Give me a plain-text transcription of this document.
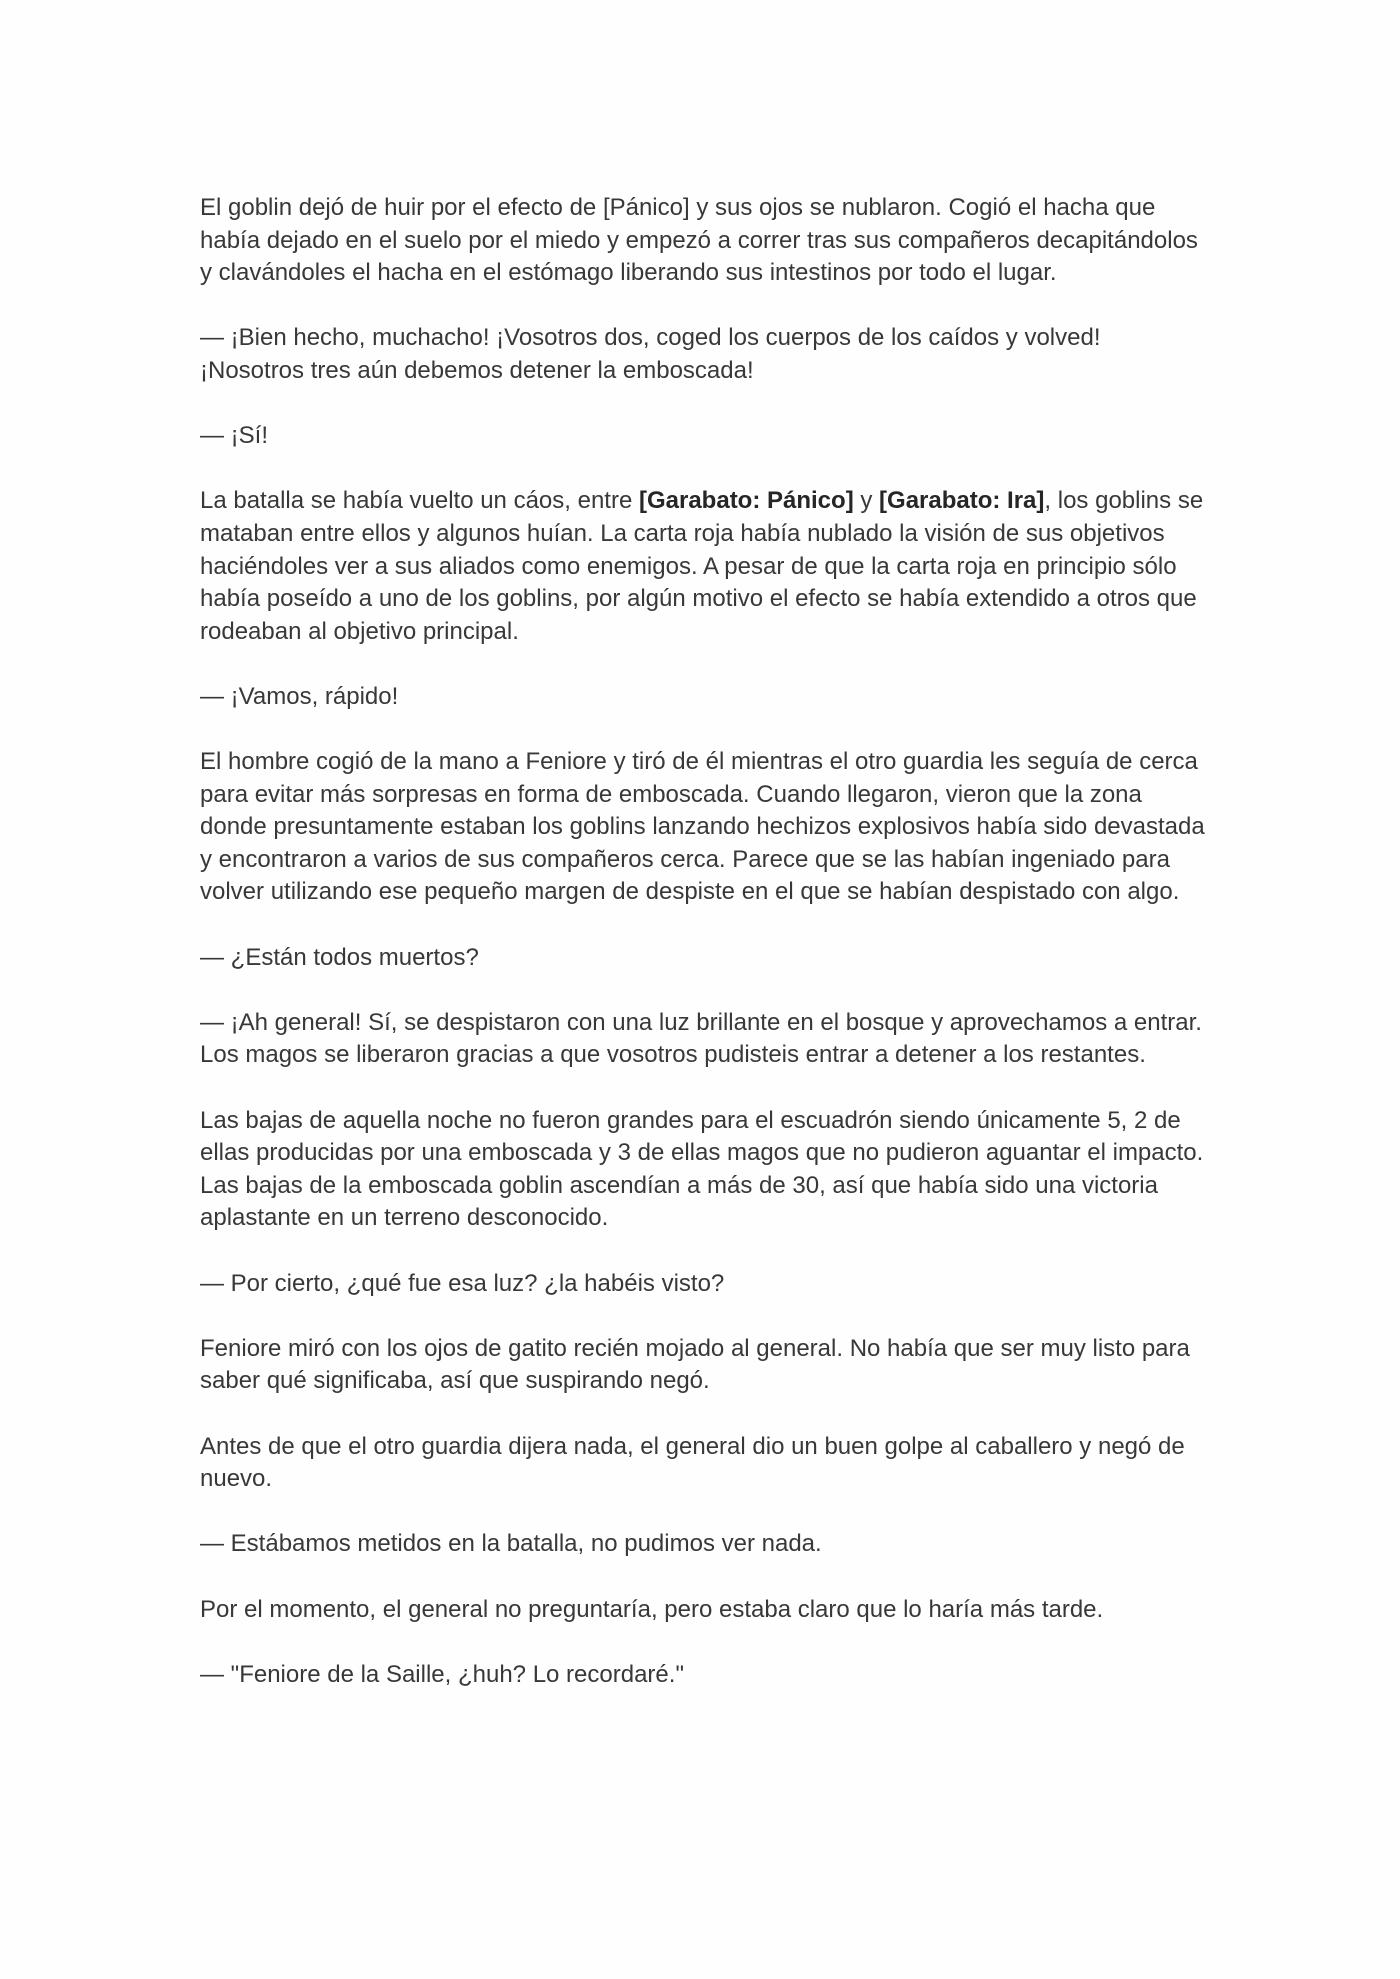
El goblin dejó de huir por el efecto de [Pánico] y sus ojos se nublaron. Cogió el hacha que había dejado en el suelo por el miedo y empezó a correr tras sus compañeros decapitándolos y clavándoles el hacha en el estómago liberando sus intestinos por todo el lugar.

— ¡Bien hecho, muchacho! ¡Vosotros dos, coged los cuerpos de los caídos y volved! ¡Nosotros tres aún debemos detener la emboscada!

— ¡Sí!

La batalla se había vuelto un cáos, entre [Garabato: Pánico] y [Garabato: Ira], los goblins se mataban entre ellos y algunos huían. La carta roja había nublado la visión de sus objetivos haciéndoles ver a sus aliados como enemigos. A pesar de que la carta roja en principio sólo había poseído a uno de los goblins, por algún motivo el efecto se había extendido a otros que rodeaban al objetivo principal.

— ¡Vamos, rápido!

El hombre cogió de la mano a Feniore y tiró de él mientras el otro guardia les seguía de cerca para evitar más sorpresas en forma de emboscada. Cuando llegaron, vieron que la zona donde presuntamente estaban los goblins lanzando hechizos explosivos había sido devastada y encontraron a varios de sus compañeros cerca. Parece que se las habían ingeniado para volver utilizando ese pequeño margen de despiste en el que se habían despistado con algo.

— ¿Están todos muertos?

— ¡Ah general! Sí, se despistaron con una luz brillante en el bosque y aprovechamos a entrar. Los magos se liberaron gracias a que vosotros pudisteis entrar a detener a los restantes.

Las bajas de aquella noche no fueron grandes para el escuadrón siendo únicamente 5, 2 de ellas producidas por una emboscada y 3 de ellas magos que no pudieron aguantar el impacto. Las bajas de la emboscada goblin ascendían a más de 30, así que había sido una victoria aplastante en un terreno desconocido.

— Por cierto, ¿qué fue esa luz? ¿la habéis visto?

Feniore miró con los ojos de gatito recién mojado al general. No había que ser muy listo para saber qué significaba, así que suspirando negó.

Antes de que el otro guardia dijera nada, el general dio un buen golpe al caballero y negó de nuevo.

— Estábamos metidos en la batalla, no pudimos ver nada.

Por el momento, el general no preguntaría, pero estaba claro que lo haría más tarde.

— "Feniore de la Saille, ¿huh? Lo recordaré."
